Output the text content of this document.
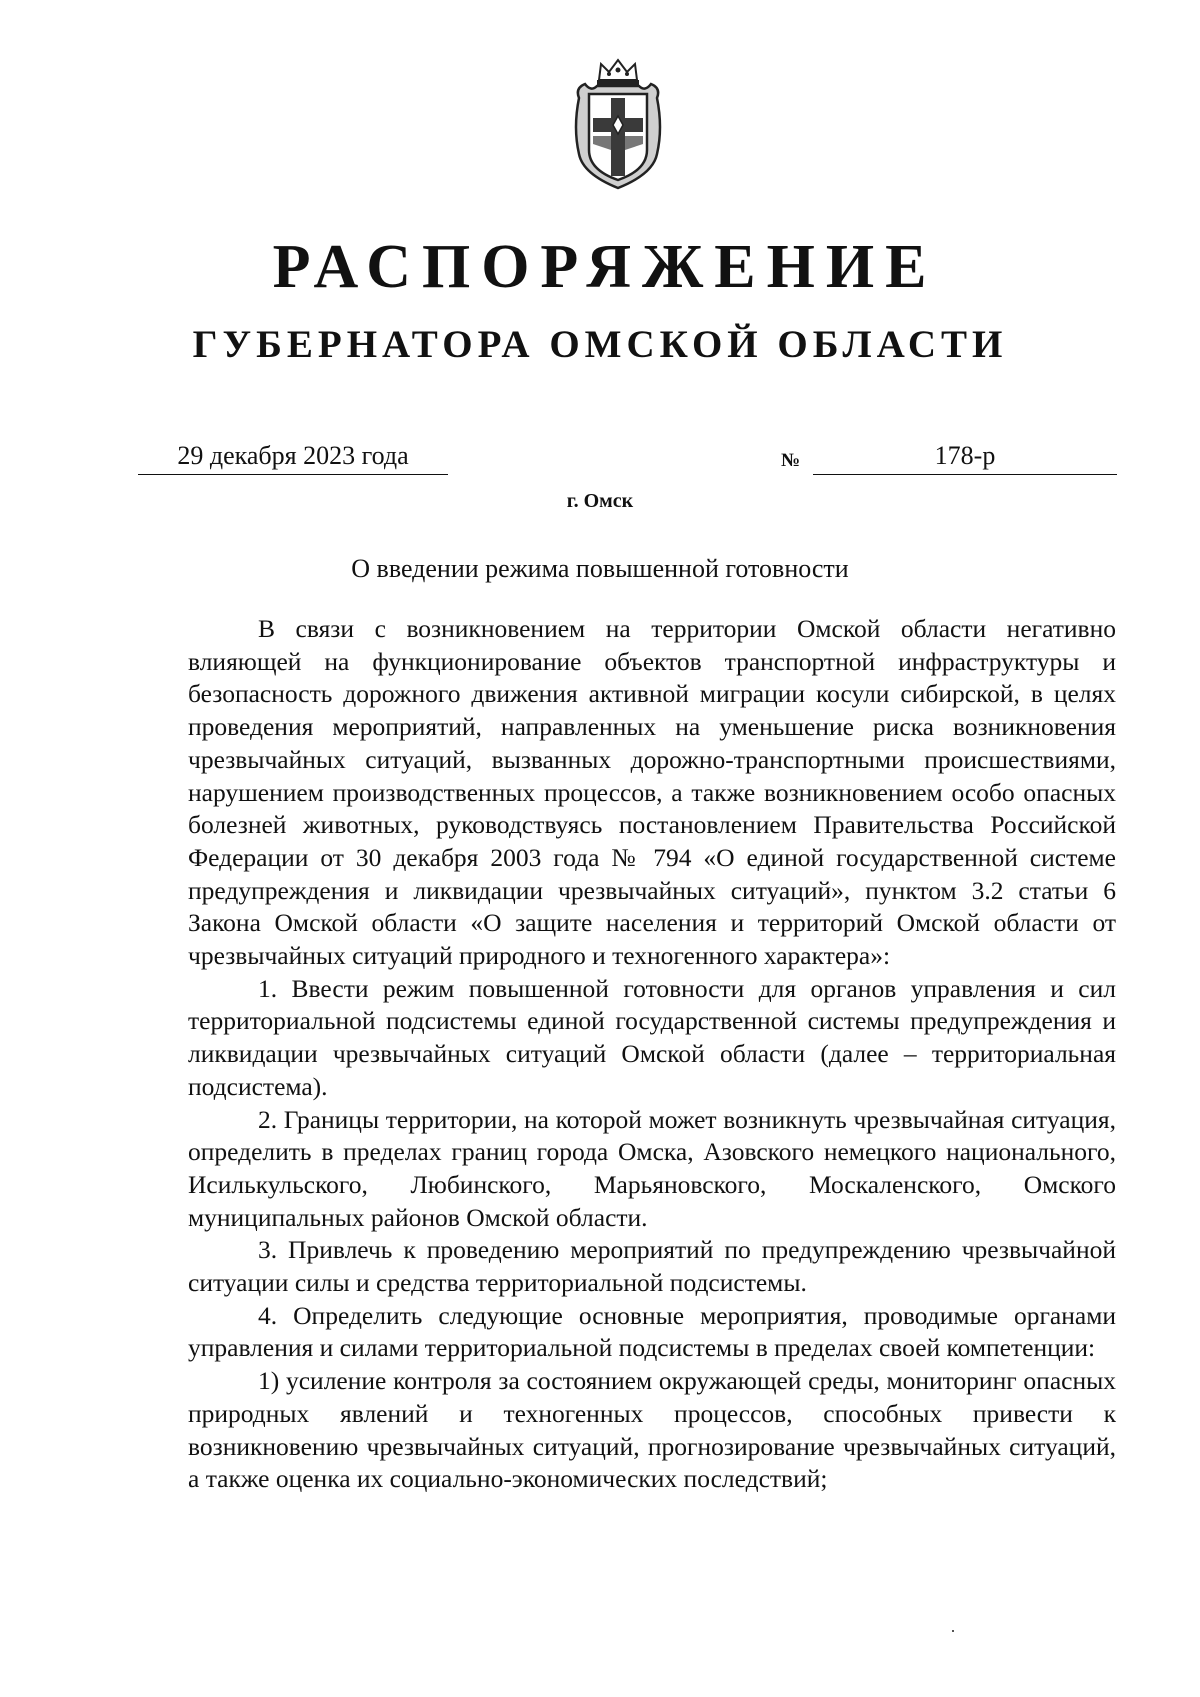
РАСПОРЯЖЕНИЕ
ГУБЕРНАТОРА ОМСКОЙ ОБЛАСТИ
29 декабря 2023 года	№	178-р
г. Омск
О введении режима повышенной готовности

В связи с возникновением на территории Омской области негативно влияющей на функционирование объектов транспортной инфраструктуры и безопасность дорожного движения активной миграции косули сибирской, в целях проведения мероприятий, направленных на уменьшение риска возникновения чрезвычайных ситуаций, вызванных дорожно-транспортными происшествиями, нарушением производственных процессов, а также возникновением особо опасных болезней животных, руководствуясь постановлением Правительства Российской Федерации от 30 декабря 2003 года № 794 «О единой государственной системе предупреждения и ликвидации чрезвычайных ситуаций», пунктом 3.2 статьи 6 Закона Омской области «О защите населения и территорий Омской области от чрезвычайных ситуаций природного и техногенного характера»:

1. Ввести режим повышенной готовности для органов управления и сил территориальной подсистемы единой государственной системы предупреждения и ликвидации чрезвычайных ситуаций Омской области (далее – территориальная подсистема).

2. Границы территории, на которой может возникнуть чрезвычайная ситуация, определить в пределах границ города Омска, Азовского немецкого национального, Исилькульского, Любинского, Марьяновского, Москаленского, Омского муниципальных районов Омской области.

3. Привлечь к проведению мероприятий по предупреждению чрезвычайной ситуации силы и средства территориальной подсистемы.

4. Определить следующие основные мероприятия, проводимые органами управления и силами территориальной подсистемы в пределах своей компетенции:

1) усиление контроля за состоянием окружающей среды, мониторинг опасных природных явлений и техногенных процессов, способных привести к возникновению чрезвычайных ситуаций, прогнозирование чрезвычайных ситуаций, а также оценка их социально-экономических последствий;
